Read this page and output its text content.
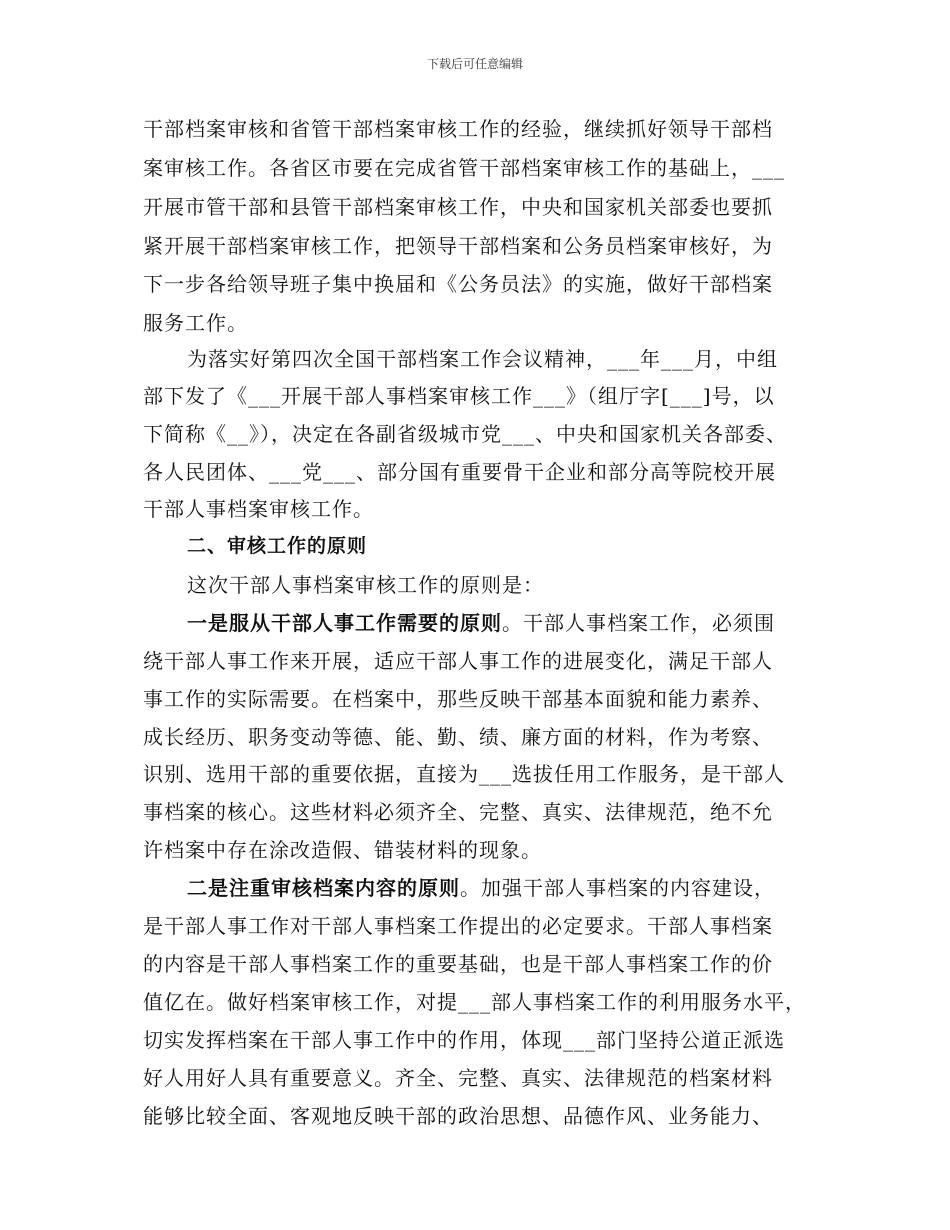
下载后可任意编辑
干部档案审核和省管干部档案审核工作的经验，继续抓好领导干部档
案审核工作。各省区市要在完成省管干部档案审核工作的基础上，___
开展市管干部和县管干部档案审核工作，中央和国家机关部委也要抓
紧开展干部档案审核工作，把领导干部档案和公务员档案审核好，为
下一步各给领导班子集中换届和《公务员法》的实施，做好干部档案
服务工作。
为落实好第四次全国干部档案工作会议精神，___年___月，中组
部下发了《___开展干部人事档案审核工作___》（组厅字[___]号，以
下简称《__》），决定在各副省级城市党___、中央和国家机关各部委、
各人民团体、___党___、部分国有重要骨干企业和部分高等院校开展
干部人事档案审核工作。
二、审核工作的原则
这次干部人事档案审核工作的原则是：
一是服从干部人事工作需要的原则。干部人事档案工作，必须围
绕干部人事工作来开展，适应干部人事工作的进展变化，满足干部人
事工作的实际需要。在档案中，那些反映干部基本面貌和能力素养、
成长经历、职务变动等德、能、勤、绩、廉方面的材料，作为考察、
识别、选用干部的重要依据，直接为___选拔任用工作服务，是干部人
事档案的核心。这些材料必须齐全、完整、真实、法律规范，绝不允
许档案中存在涂改造假、错装材料的现象。
二是注重审核档案内容的原则。加强干部人事档案的内容建设，
是干部人事工作对干部人事档案工作提出的必定要求。干部人事档案
的内容是干部人事档案工作的重要基础，也是干部人事档案工作的价
值亿在。做好档案审核工作，对提___部人事档案工作的利用服务水平，
切实发挥档案在干部人事工作中的作用，体现___部门坚持公道正派选
好人用好人具有重要意义。齐全、完整、真实、法律规范的档案材料
能够比较全面、客观地反映干部的政治思想、品德作风、业务能力、
